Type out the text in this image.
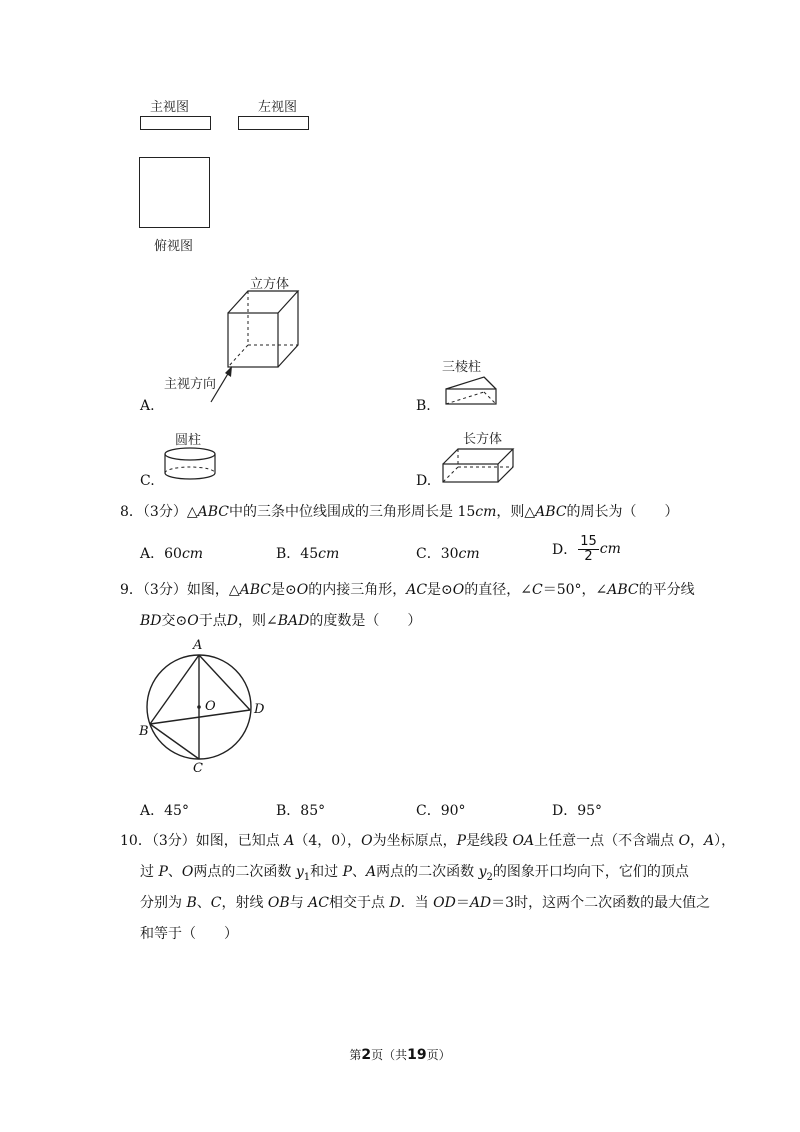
主视图	左视图
俯视图
立方体
主视方向
A.
三棱柱
B.
圆柱
C.
长方体
D.
8．（3分）△ABC中的三条中位线围成的三角形周长是 15cm，则△ABC的周长为（　　）
A．60cm	B．45cm	C．30cm	D． $\frac{15}{2}$ cm
9．（3分）如图，△ABC是⊙O的内接三角形，AC是⊙O的直径，∠C＝50°，∠ABC的平分线
BD交⊙O于点D，则∠BAD的度数是（　　）
A
O	D
B
C
A．45°	B．85°	C．90°	D．95°
10．（3分）如图，已知点 A（4，0），O为坐标原点，P是线段 OA上任意一点（不含端点 O，A），
过 P、O两点的二次函数 $y_1$和过 P、A两点的二次函数 $y_2$的图象开口均向下，它们的顶点
分别为 B、C，射线 OB与 AC相交于点 D．当 OD＝AD＝3时，这两个二次函数的最大值之
和等于（　　）
第2页（共19页）
